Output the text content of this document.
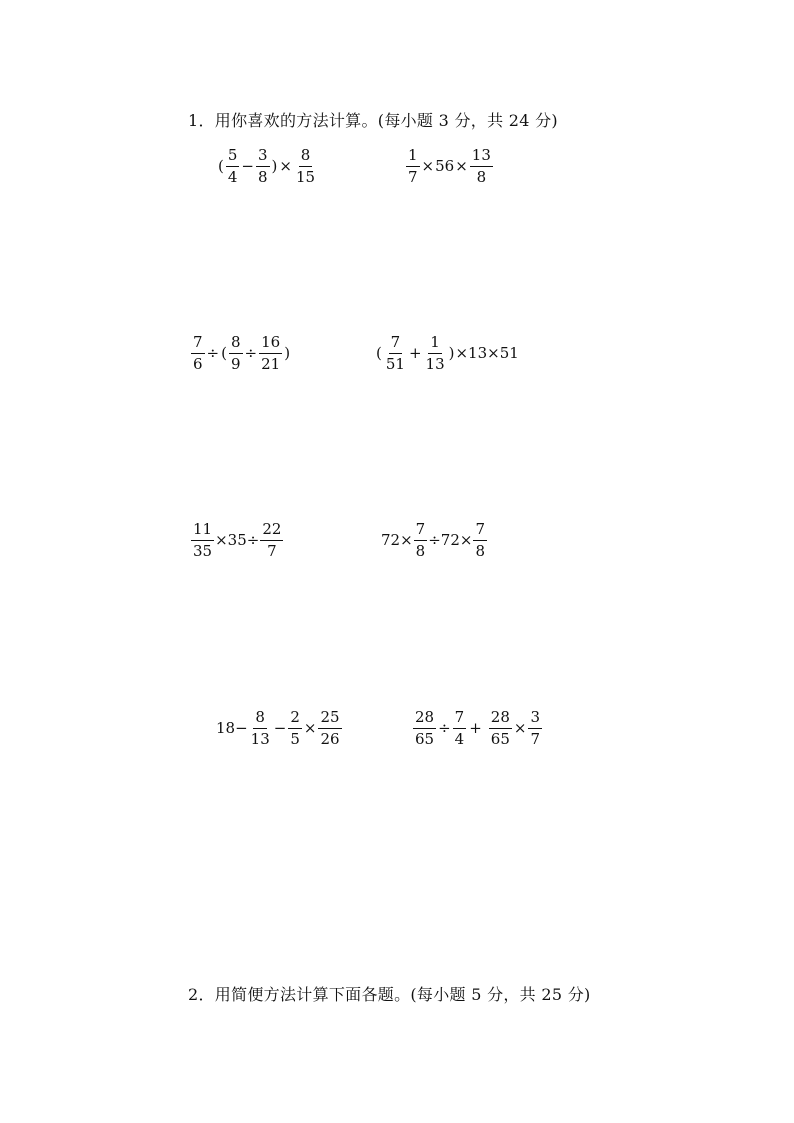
1．用你喜欢的方法计算。(每小题 3 分，共 24 分)
( $\frac{5}{4} - \frac{3}{8}$ ) × $\frac{8}{15}$	$\frac{1}{7} \times 56 \times \frac{13}{8}$
$\frac{7}{6}$ ÷ ( $\frac{8}{9} \div \frac{16}{21}$ )	( $\frac{7}{51} + \frac{1}{13}$ ) ×13×51
$\frac{11}{35} \times 35\div \frac{22}{7}$	$72\times \frac{7}{8} \div 72\times \frac{7}{8}$
$18- \frac{8}{13} - \frac{2}{5} \times \frac{25}{26}$	$\frac{28}{65} \div \frac{7}{4} + \frac{28}{65} \times \frac{3}{7}$
2．用简便方法计算下面各题。(每小题 5 分，共 25 分)
